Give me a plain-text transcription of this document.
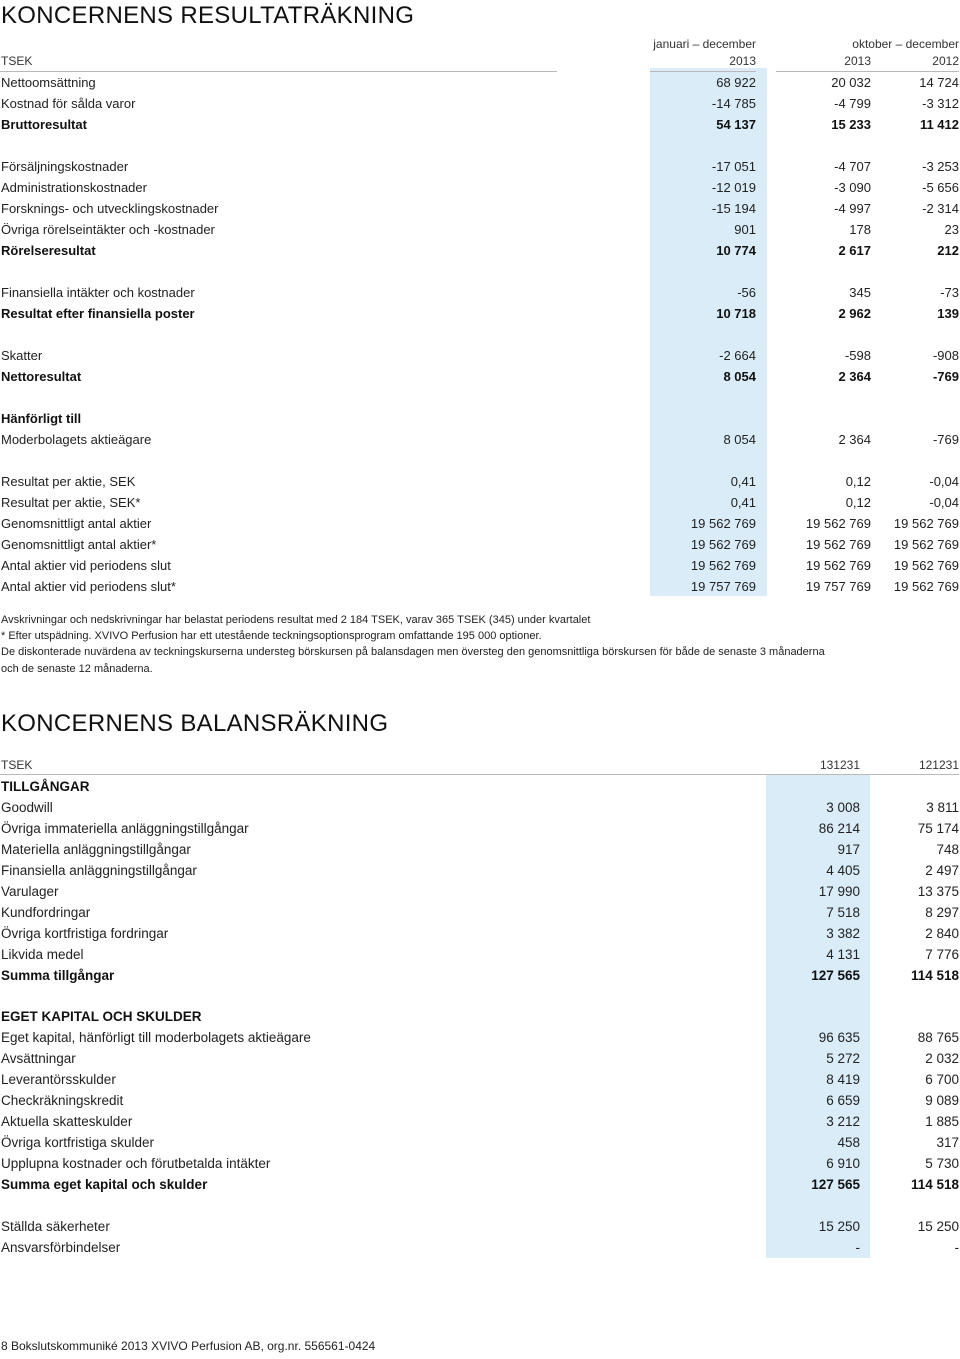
KONCERNENS RESULTATRÄKNING
januari – december	oktober – december
TSEK	2013	2013	2012
Nettoomsättning	68 922	20 032	14 724
Kostnad för sålda varor	-14 785	-4 799	-3 312
Bruttoresultat	54 137	15 233	11 412
Försäljningskostnader	-17 051	-4 707	-3 253
Administrationskostnader	-12 019	-3 090	-5 656
Forsknings- och utvecklingskostnader	-15 194	-4 997	-2 314
Övriga rörelseintäkter och -kostnader	901	178	23
Rörelseresultat	10 774	2 617	212
Finansiella intäkter och kostnader	-56	345	-73
Resultat efter finansiella poster	10 718	2 962	139
Skatter	-2 664	-598	-908
Nettoresultat	8 054	2 364	-769
Hänförligt till
Moderbolagets aktieägare	8 054	2 364	-769
Resultat per aktie, SEK	0,41	0,12	-0,04
Resultat per aktie, SEK*	0,41	0,12	-0,04
Genomsnittligt antal aktier	19 562 769	19 562 769	19 562 769
Genomsnittligt antal aktier*	19 562 769	19 562 769	19 562 769
Antal aktier vid periodens slut	19 562 769	19 562 769	19 562 769
Antal aktier vid periodens slut*	19 757 769	19 757 769	19 562 769
Avskrivningar och nedskrivningar har belastat periodens resultat med 2 184 TSEK, varav 365 TSEK (345) under kvartalet
* Efter utspädning. XVIVO Perfusion har ett utestående teckningsoptionsprogram omfattande 195 000 optioner.
De diskonterade nuvärdena av teckningskurserna understeg börskursen på balansdagen men översteg den genomsnittliga börskursen för både de senaste 3 månaderna
och de senaste 12 månaderna.
KONCERNENS BALANSRÄKNING
TSEK	131231	121231
TILLGÅNGAR
Goodwill	3 008	3 811
Övriga immateriella anläggningstillgångar	86 214	75 174
Materiella anläggningstillgångar	917	748
Finansiella anläggningstillgångar	4 405	2 497
Varulager	17 990	13 375
Kundfordringar	7 518	8 297
Övriga kortfristiga fordringar	3 382	2 840
Likvida medel	4 131	7 776
Summa tillgångar	127 565	114 518
EGET KAPITAL OCH SKULDER
Eget kapital, hänförligt till moderbolagets aktieägare	96 635	88 765
Avsättningar	5 272	2 032
Leverantörsskulder	8 419	6 700
Checkräkningskredit	6 659	9 089
Aktuella skatteskulder	3 212	1 885
Övriga kortfristiga skulder	458	317
Upplupna kostnader och förutbetalda intäkter	6 910	5 730
Summa eget kapital och skulder	127 565	114 518
Ställda säkerheter	15 250	15 250
Ansvarsförbindelser	-	-
8 Bokslutskommuniké 2013 XVIVO Perfusion AB, org.nr. 556561-0424
